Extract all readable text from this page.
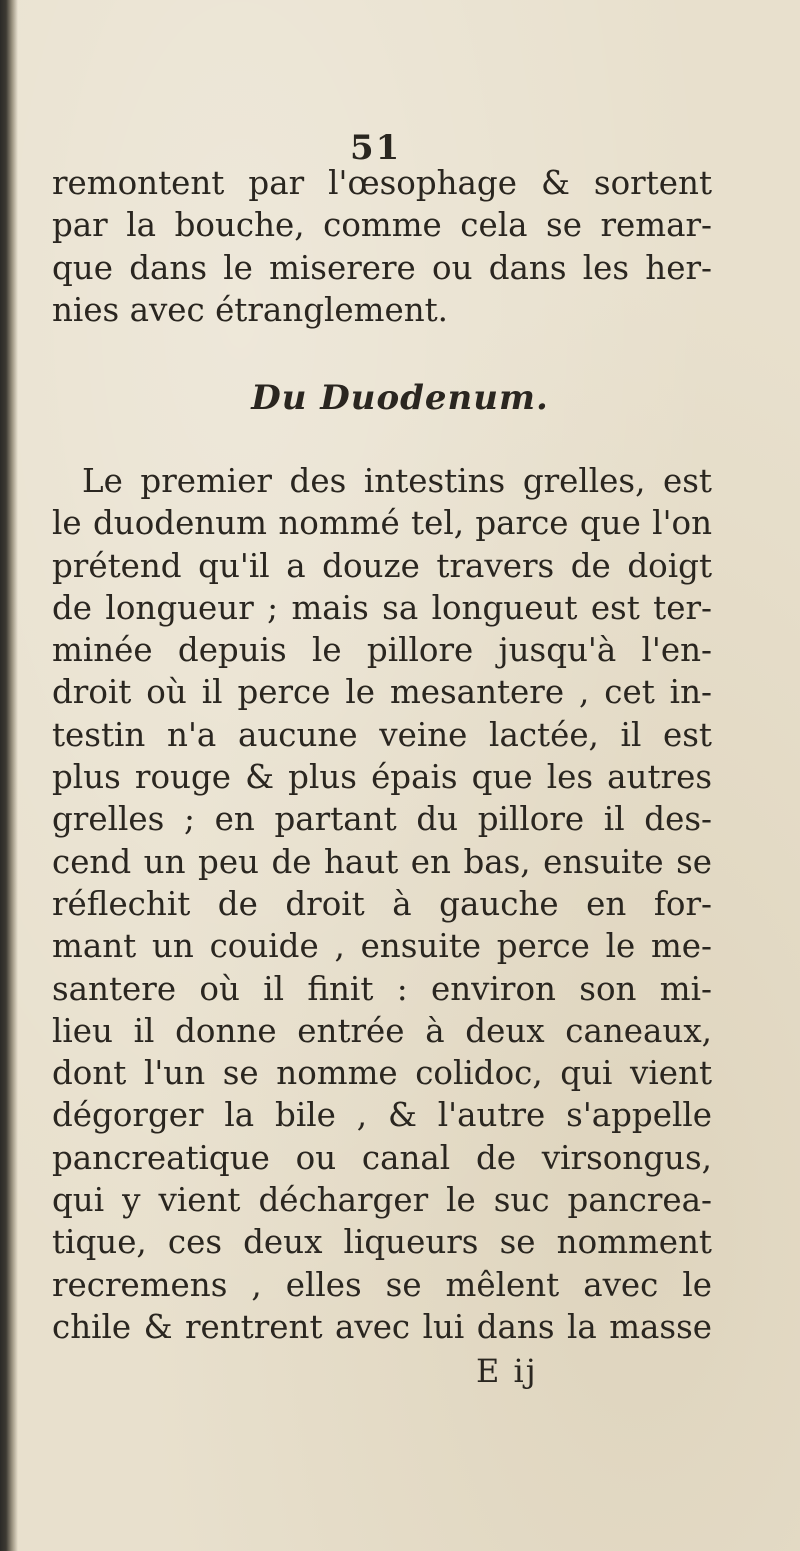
51
remontent par l'œsophage & sortent
par la bouche, comme cela se remar-
que dans le miserere ou dans les her-
nies avec étranglement.
Du Duodenum.
Le premier des intestins grelles, est
le duodenum nommé tel, parce que l'on
prétend qu'il a douze travers de doigt
de longueur ; mais sa longueut est ter-
minée depuis le pillore jusqu'à l'en-
droit où il perce le mesantere , cet in-
testin n'a aucune veine lactée, il est
plus rouge & plus épais que les autres
grelles ; en partant du pillore il des-
cend un peu de haut en bas, ensuite se
réflechit de droit à gauche en for-
mant un couide , ensuite perce le me-
santere où il finit : environ son mi-
lieu il donne entrée à deux caneaux,
dont l'un se nomme colidoc, qui vient
dégorger la bile , & l'autre s'appelle
pancreatique ou canal de virsongus,
qui y vient décharger le suc pancrea-
tique, ces deux liqueurs se nomment
recremens , elles se mêlent avec le
chile & rentrent avec lui dans la masse
E ij
